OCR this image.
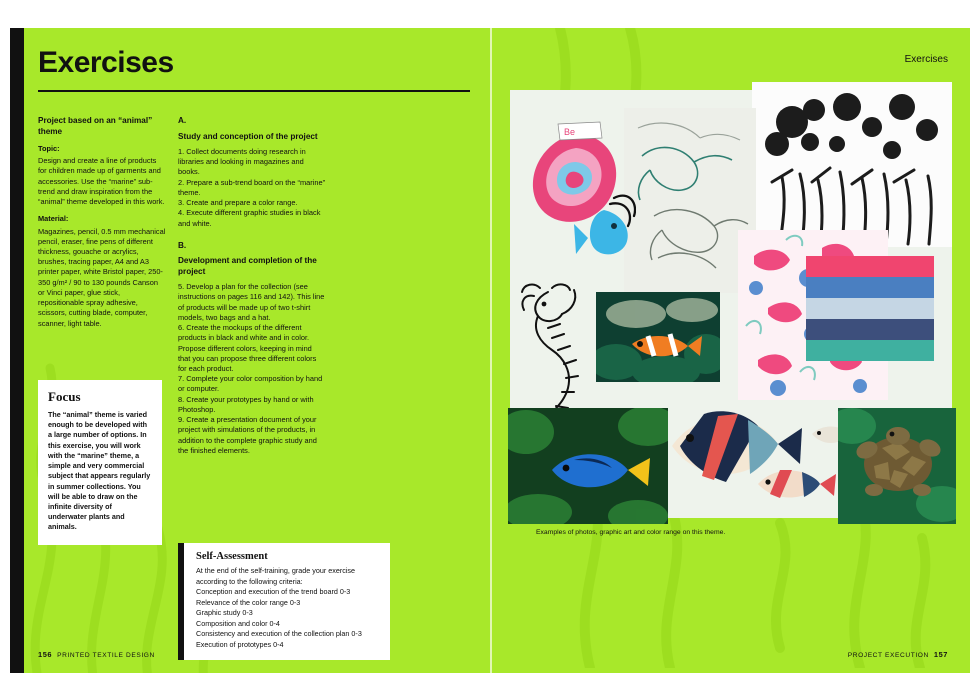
Exercises
Project based on an “animal” theme
Topic:

Design and create a line of products for children made up of garments and accessories. Use the “marine” sub-trend and draw inspiration from the “animal” theme developed in this work.

Material:

Magazines, pencil, 0.5 mm mechanical pencil, eraser, fine pens of different thickness, gouache or acrylics, brushes, tracing paper, A4 and A3 printer paper, white Bristol paper, 250-350 g/m² / 90 to 130 pounds Canson or Vinci paper, glue stick, repositionable spray adhesive, scissors, cutting blade, computer, scanner, light table.

A.
Study and conception of the project

1. Collect documents doing research in libraries and looking in magazines and books.

2. Prepare a sub-trend board on the “marine” theme.

3. Create and prepare a color range.

4. Execute different graphic studies in black and white.

B.
Development and completion of the project

5. Develop a plan for the collection (see instructions on pages 116 and 142). This line of products will be made up of two t-shirt models, two bags and a hat.

6. Create the mockups of the different products in black and white and in color. Propose different colors, keeping in mind that you can propose three different colors for each product.

7. Complete your color composition by hand or computer.

8. Create your prototypes by hand or with Photoshop.

9. Create a presentation document of your project with simulations of the products, in addition to the complete graphic study and the finished elements.

Focus
The “animal” theme is varied enough to be developed with a large number of options. In this exercise, you will work with the “marine” theme, a simple and very commercial subject that appears regularly in summer collections. You will be able to draw on the infinite diversity of underwater plants and animals.
Self-Assessment
At the end of the self-training, grade your exercise according to the following criteria:
Conception and execution of the trend board 0-3
Relevance of the color range 0-3
Graphic study 0-3
Composition and color 0-4
Consistency and execution of the collection plan 0-3
Execution of prototypes 0-4
156 PRINTED TEXTILE DESIGN
Exercises
Be
Examples of photos, graphic art and color range on this theme.
PROJECT EXECUTION 157
